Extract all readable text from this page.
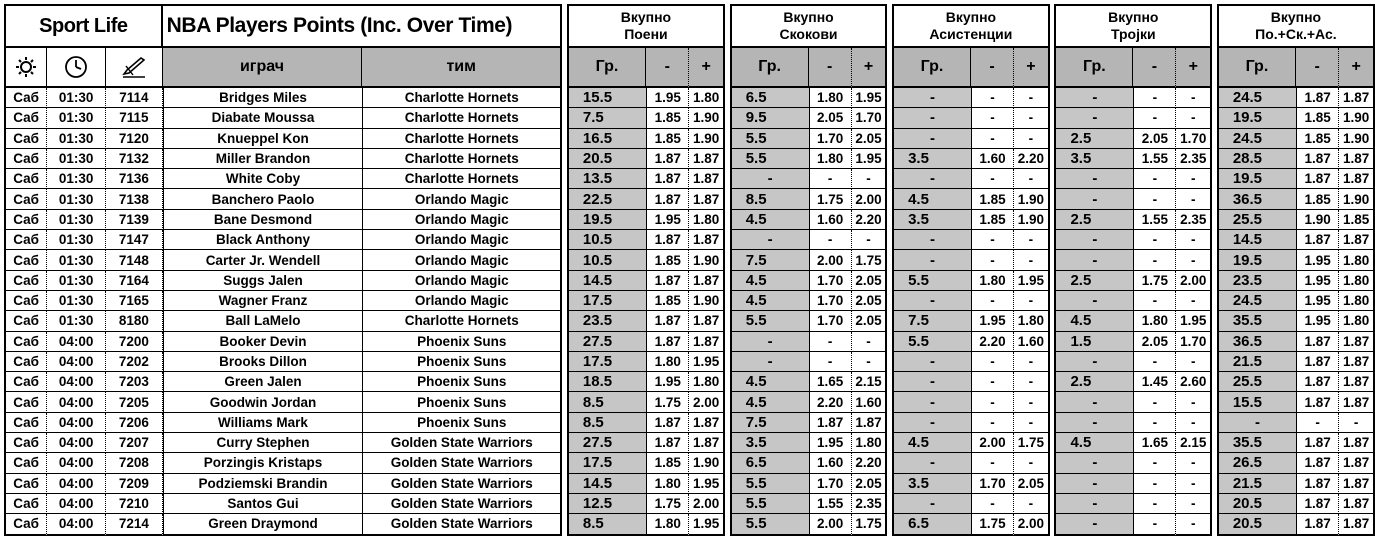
Sport Life			NBA Players Points (Inc. Over Time)			Вкупно
Поени				Вкупно
Скокови				Вкупно
Асистенции				Вкупно
Тројки				Вкупно
По.+Ск.+Ас.		

	играч	тим		Гр.	-	+		Гр.	-	+		Гр.	-	+		Гр.	-	+		Гр.	-	+
Саб	01:30	7114	Bridges Miles	Charlotte Hornets		15.5	1.95	1.80		6.5	1.80	1.95		-	-	-		-	-	-		24.5	1.87	1.87
Саб	01:30	7115	Diabate Moussa	Charlotte Hornets		7.5	1.85	1.90		9.5	2.05	1.70		-	-	-		-	-	-		19.5	1.85	1.90
Саб	01:30	7120	Knueppel Kon	Charlotte Hornets		16.5	1.85	1.90		5.5	1.70	2.05		-	-	-		2.5	2.05	1.70		24.5	1.85	1.90
Саб	01:30	7132	Miller Brandon	Charlotte Hornets		20.5	1.87	1.87		5.5	1.80	1.95		3.5	1.60	2.20		3.5	1.55	2.35		28.5	1.87	1.87
Саб	01:30	7136	White Coby	Charlotte Hornets		13.5	1.87	1.87		-	-	-		-	-	-		-	-	-		19.5	1.87	1.87
Саб	01:30	7138	Banchero Paolo	Orlando Magic		22.5	1.87	1.87		8.5	1.75	2.00		4.5	1.85	1.90		-	-	-		36.5	1.85	1.90
Саб	01:30	7139	Bane Desmond	Orlando Magic		19.5	1.95	1.80		4.5	1.60	2.20		3.5	1.85	1.90		2.5	1.55	2.35		25.5	1.90	1.85
Саб	01:30	7147	Black Anthony	Orlando Magic		10.5	1.87	1.87		-	-	-		-	-	-		-	-	-		14.5	1.87	1.87
Саб	01:30	7148	Carter Jr. Wendell	Orlando Magic		10.5	1.85	1.90		7.5	2.00	1.75		-	-	-		-	-	-		19.5	1.95	1.80
Саб	01:30	7164	Suggs Jalen	Orlando Magic		14.5	1.87	1.87		4.5	1.70	2.05		5.5	1.80	1.95		2.5	1.75	2.00		23.5	1.95	1.80
Саб	01:30	7165	Wagner Franz	Orlando Magic		17.5	1.85	1.90		4.5	1.70	2.05		-	-	-		-	-	-		24.5	1.95	1.80
Саб	01:30	8180	Ball LaMelo	Charlotte Hornets		23.5	1.87	1.87		5.5	1.70	2.05		7.5	1.95	1.80		4.5	1.80	1.95		35.5	1.95	1.80
Саб	04:00	7200	Booker Devin	Phoenix Suns		27.5	1.87	1.87		-	-	-		5.5	2.20	1.60		1.5	2.05	1.70		36.5	1.87	1.87
Саб	04:00	7202	Brooks Dillon	Phoenix Suns		17.5	1.80	1.95		-	-	-		-	-	-		-	-	-		21.5	1.87	1.87
Саб	04:00	7203	Green Jalen	Phoenix Suns		18.5	1.95	1.80		4.5	1.65	2.15		-	-	-		2.5	1.45	2.60		25.5	1.87	1.87
Саб	04:00	7205	Goodwin Jordan	Phoenix Suns		8.5	1.75	2.00		4.5	2.20	1.60		-	-	-		-	-	-		15.5	1.87	1.87
Саб	04:00	7206	Williams Mark	Phoenix Suns		8.5	1.87	1.87		7.5	1.87	1.87		-	-	-		-	-	-		-	-	-
Саб	04:00	7207	Curry Stephen	Golden State Warriors		27.5	1.87	1.87		3.5	1.95	1.80		4.5	2.00	1.75		4.5	1.65	2.15		35.5	1.87	1.87
Саб	04:00	7208	Porzingis Kristaps	Golden State Warriors		17.5	1.85	1.90		6.5	1.60	2.20		-	-	-		-	-	-		26.5	1.87	1.87
Саб	04:00	7209	Podziemski Brandin	Golden State Warriors		14.5	1.80	1.95		5.5	1.70	2.05		3.5	1.70	2.05		-	-	-		21.5	1.87	1.87
Саб	04:00	7210	Santos Gui	Golden State Warriors		12.5	1.75	2.00		5.5	1.55	2.35		-	-	-		-	-	-		20.5	1.87	1.87
Саб	04:00	7214	Green Draymond	Golden State Warriors		8.5	1.80	1.95		5.5	2.00	1.75		6.5	1.75	2.00		-	-	-		20.5	1.87	1.87
